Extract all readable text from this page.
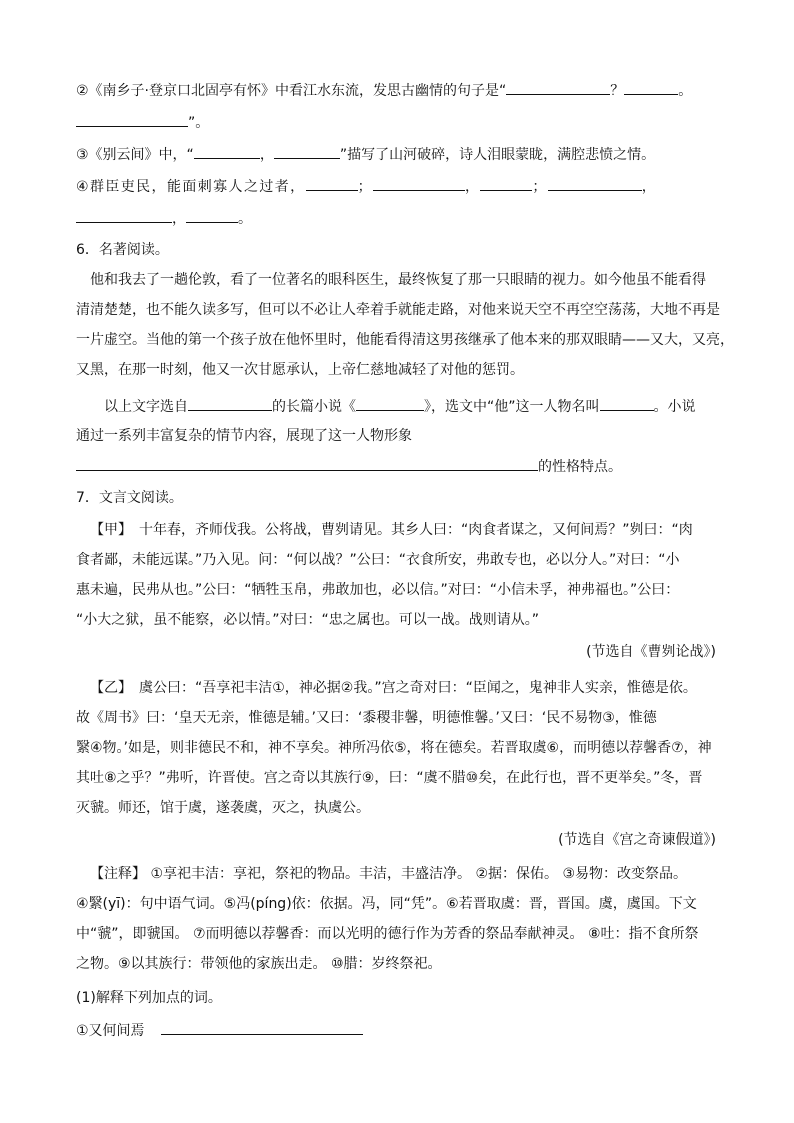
②《南乡子·登京口北固亭有怀》中看江水东流，发思古幽情的句子是“	？	。
”。
③《别云间》中，“	，	”描写了山河破碎，诗人泪眼蒙眬，满腔悲愤之情。
④群臣吏民，能面刺寡人之过者，	；	，	；	，
，	。
6．名著阅读。
他和我去了一趟伦敦，看了一位著名的眼科医生，最终恢复了那一只眼睛的视力。如今他虽不能看得
清清楚楚，也不能久读多写，但可以不必让人牵着手就能走路，对他来说天空不再空空荡荡，大地不再是
一片虚空。当他的第一个孩子放在他怀里时，他能看得清这男孩继承了他本来的那双眼睛——又大，又亮，
又黑，在那一时刻，他又一次甘愿承认，上帝仁慈地减轻了对他的惩罚。
以上文字选自	的长篇小说《	》，选文中“他”这一人物名叫	。小说
通过一系列丰富复杂的情节内容，展现了这一人物形象
的性格特点。
7．文言文阅读。
【甲】　十年春，齐师伐我。公将战，曹刿请见。其乡人曰：“肉食者谋之，又何间焉？”刿曰：“肉
食者鄙，未能远谋。”乃入见。问：“何以战？”公曰：“衣食所安，弗敢专也，必以分人。”对曰：“小
惠未遍，民弗从也。”公曰：“牺牲玉帛，弗敢加也，必以信。”对曰：“小信未孚，神弗福也。”公曰：
“小大之狱，虽不能察，必以情。”对曰：“忠之属也。可以一战。战则请从。”
(节选自《曹刿论战》)
【乙】　虞公曰：“吾享祀丰洁①，神必据②我。”宫之奇对曰：“臣闻之，鬼神非人实亲，惟德是依。
故《周书》曰：‘皇天无亲，惟德是辅。’又曰：‘黍稷非馨，明德惟馨。’又曰：‘民不易物③，惟德
繄④物。’如是，则非德民不和，神不享矣。神所冯依⑤，将在德矣。若晋取虞⑥，而明德以荐馨香⑦，神
其吐⑧之乎？”弗听，许晋使。宫之奇以其族行⑨，曰：“虞不腊⑩矣，在此行也，晋不更举矣。”冬，晋
灭虢。师还，馆于虞，遂袭虞，灭之，执虞公。
(节选自《宫之奇谏假道》)
【注释】 ①享祀丰洁：享祀，祭祀的物品。丰洁，丰盛洁净。 ②据：保佑。 ③易物：改变祭品。
④繄(yī)：句中语气词。⑤冯(píng)依：依据。冯，同“凭”。⑥若晋取虞：晋，晋国。虞，虞国。下文
中“虢”，即虢国。 ⑦而明德以荐馨香：而以光明的德行作为芳香的祭品奉献神灵。 ⑧吐：指不食所祭
之物。⑨以其族行：带领他的家族出走。 ⑩腊：岁终祭祀。
(1)解释下列加点的词。
①又何间焉
